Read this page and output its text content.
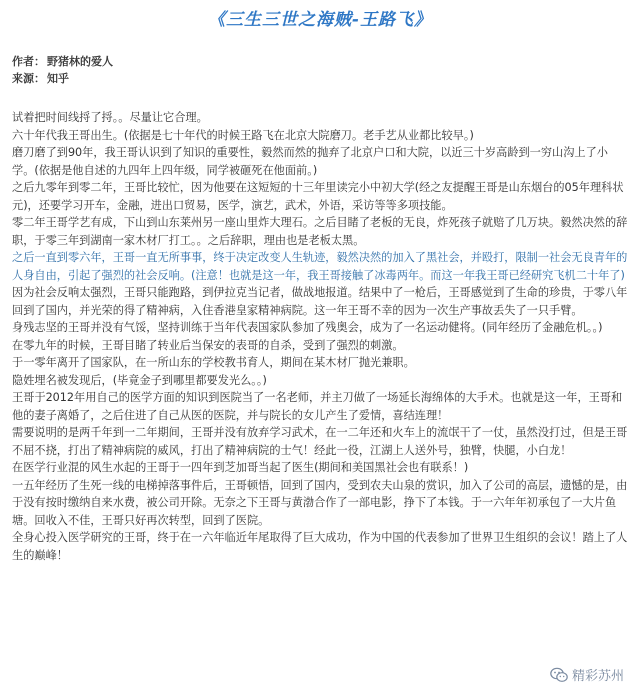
《三生三世之海贼-王路飞》
作者： 野猪林的爱人
来源： 知乎

试着把时间线捋了捋。。尽量让它合理。

六十年代我王哥出生。(依据是七十年代的时候王路飞在北京大院磨刀。老手艺从业都比较早。)

磨刀磨了到90年，我王哥认识到了知识的重要性，毅然而然的抛弃了北京户口和大院，以近三十岁高龄到一穷山沟上了小学。(依据是他自述的九四年上四年级，同学被砸死在他面前。)

之后九零年到零二年，王哥比较忙，因为他要在这短短的十三年里读完小中初大学(经之友提醒王哥是山东烟台的05年理科状元)，还要学习开车，金融，进出口贸易，医学，演艺，武术，外语，采访等等多项技能。

零二年王哥学艺有成，下山到山东莱州另一座山里炸大理石。之后目睹了老板的无良，炸死孩子就赔了几万块。毅然决然的辞职，于零三年到湖南一家木材厂打工。。之后辞职，理由也是老板太黑。

之后一直到零六年，王哥一直无所事事，终于决定改变人生轨迹，毅然决然的加入了黑社会，并殴打，限制一社会无良青年的人身自由，引起了强烈的社会反响。(注意！也就是这一年，我王哥接触了冰毒两年。而这一年我王哥已经研究飞机二十年了)

因为社会反响太强烈，王哥只能跑路，到伊拉克当记者，做战地报道。结果中了一枪后，王哥感觉到了生命的珍贵，于零八年回到了国内，并光荣的得了精神病，入住香港皇家精神病院。这一年王哥不幸的因为一次生产事故丢失了一只手臂。

身残志坚的王哥并没有气馁，坚持训练于当年代表国家队参加了残奥会，成为了一名运动健将。(同年经历了金融危机。。)

在零九年的时候，王哥目睹了转业后当保安的表哥的自杀，受到了强烈的刺激。

于一零年离开了国家队，在一所山东的学校教书育人，期间在某木材厂抛光兼职。

隐姓埋名被发现后，(毕竟金子到哪里都要发光么。。)

王哥于2012年用自己的医学方面的知识到医院当了一名老师，并主刀做了一场延长海绵体的大手术。也就是这一年，王哥和他的妻子离婚了，之后住进了自己从医的医院，并与院长的女儿产生了爱情，喜结连理！

需要说明的是两千年到一二年期间，王哥并没有放弃学习武术，在一二年还和火车上的流氓干了一仗，虽然没打过，但是王哥不屈不挠，打出了精神病院的威风，打出了精神病院的士气！经此一役，江湖上人送外号，独臂，快腿，小白龙！

在医学行业混的风生水起的王哥于一四年到芝加哥当起了医生(期间和美国黑社会也有联系！)

一五年经历了生死一线的电梯掉落事件后，王哥顿悟，回到了国内，受到农夫山泉的赏识，加入了公司的高层，遗憾的是，由于没有按时缴纳自来水费，被公司开除。无奈之下王哥与黄渤合作了一部电影，挣下了本钱。于一六年年初承包了一大片鱼塘。回收入不佳，王哥只好再次转型，回到了医院。

全身心投入医学研究的王哥，终于在一六年临近年尾取得了巨大成功，作为中国的代表参加了世界卫生组织的会议！踏上了人生的巅峰！

精彩苏州
